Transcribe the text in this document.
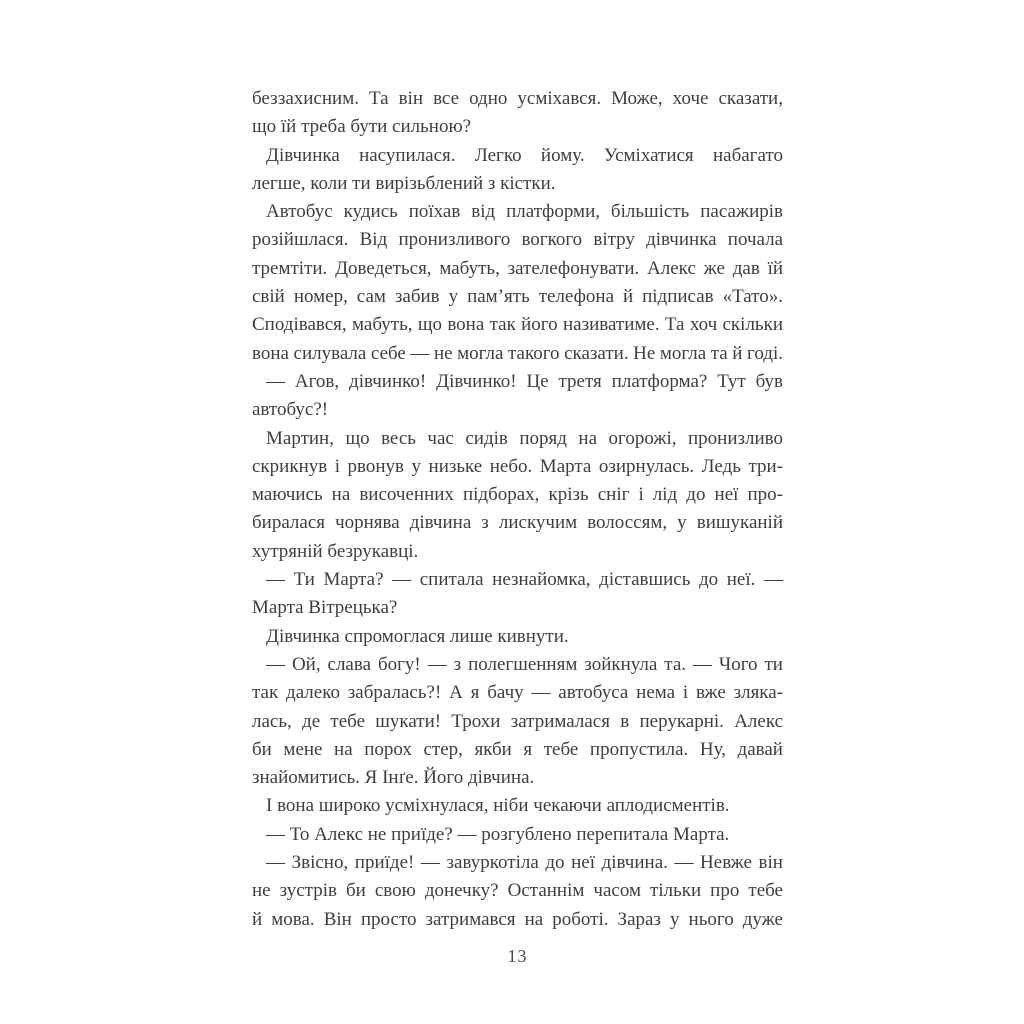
беззахисним. Та він все одно усміхався. Може, хоче сказати,
що їй треба бути сильною?
Дівчинка насупилася. Легко йому. Усміхатися набагато
легше, коли ти вирізьблений з кістки.
Автобус кудись поїхав від платформи, більшість пасажирів
розійшлася. Від пронизливого вогкого вітру дівчинка почала
тремтіти. Доведеться, мабуть, зателефонувати. Алекс же дав їй
свій номер, сам забив у пам’ять телефона й підписав «Тато».
Сподівався, мабуть, що вона так його називатиме. Та хоч скільки
вона силувала себе — не могла такого сказати. Не могла та й годі.
— Агов, дівчинко! Дівчинко! Це третя платформа? Тут був
автобус?!
Мартин, що весь час сидів поряд на огорожі, пронизливо
скрикнув і рвонув у низьке небо. Марта озирнулась. Ледь три-
маючись на височенних підборах, крізь сніг і лід до неї про-
биралася чорнява дівчина з лискучим волоссям, у вишуканій
хутряній безрукавці.
— Ти Марта? — спитала незнайомка, діставшись до неї. —
Марта Вітрецька?
Дівчинка спромоглася лише кивнути.
— Ой, слава богу! — з полегшенням зойкнула та. — Чого ти
так далеко забралась?! А я бачу — автобуса нема і вже зляка-
лась, де тебе шукати! Трохи затрималася в перукарні. Алекс
би мене на порох стер, якби я тебе пропустила. Ну, давай
знайомитись. Я Інґе. Його дівчина.
І вона широко усміхнулася, ніби чекаючи аплодисментів.
— То Алекс не приїде? — розгублено перепитала Марта.
— Звісно, приїде! — завуркотіла до неї дівчина. — Невже він
не зустрів би свою донечку? Останнім часом тільки про тебе
й мова. Він просто затримався на роботі. Зараз у нього дуже
13
